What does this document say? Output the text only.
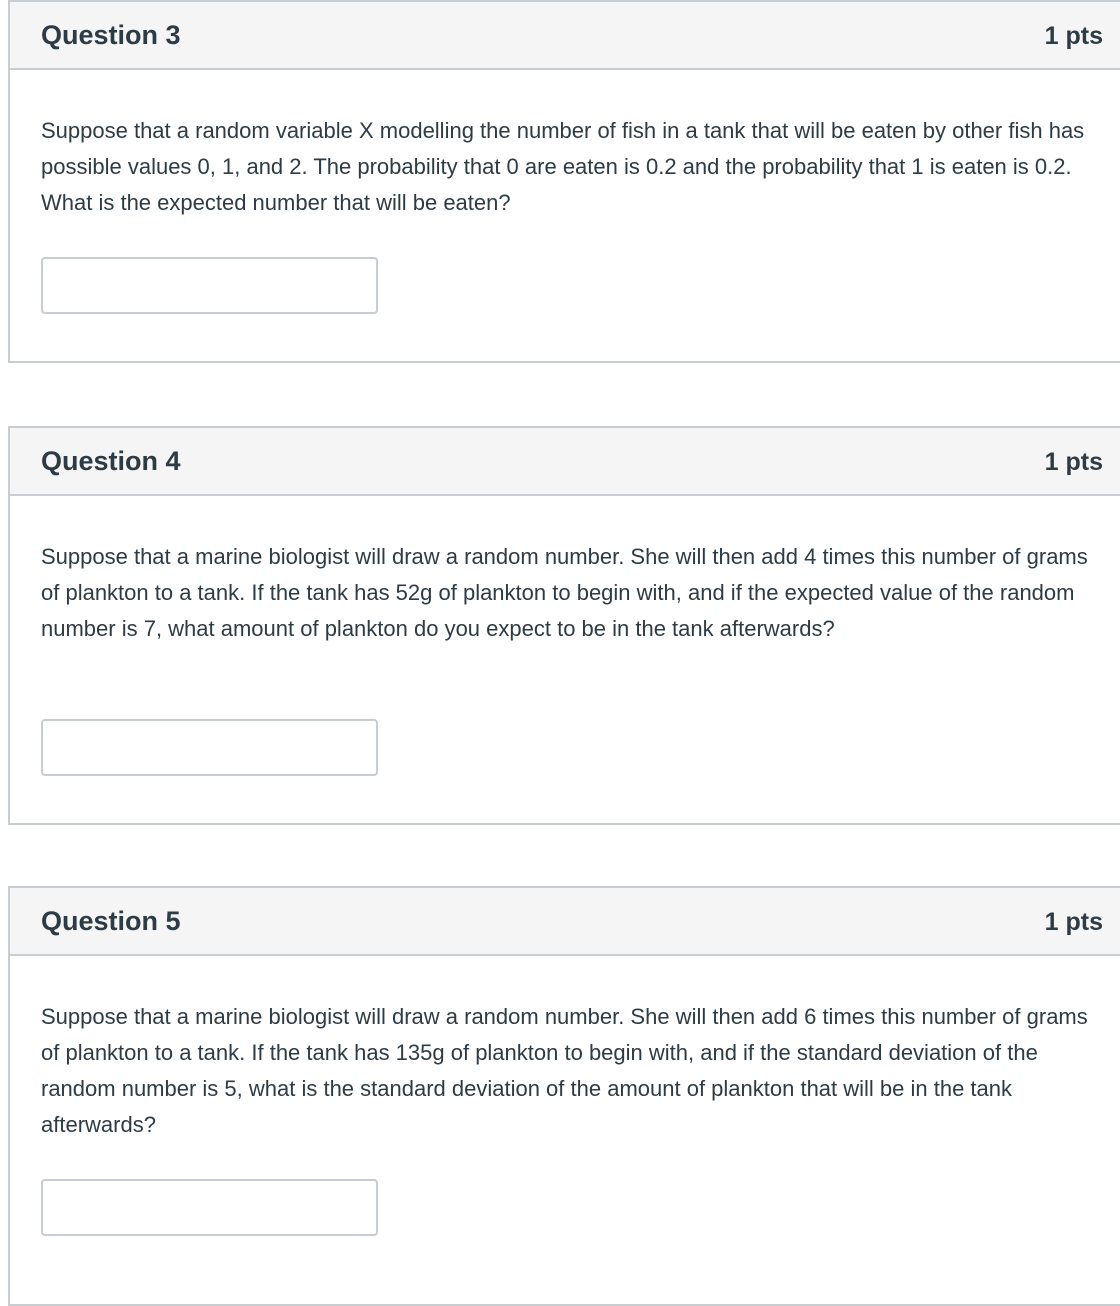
Question 3	1 pts

Suppose that a random variable X modelling the number of fish in a tank that will be eaten by other fish has possible values 0, 1, and 2. The probability that 0 are eaten is 0.2 and the probability that 1 is eaten is 0.2. What is the expected number that will be eaten?

Question 4	1 pts

Suppose that a marine biologist will draw a random number. She will then add 4 times this number of grams of plankton to a tank. If the tank has 52g of plankton to begin with, and if the expected value of the random number is 7, what amount of plankton do you expect to be in the tank afterwards?

Question 5	1 pts

Suppose that a marine biologist will draw a random number. She will then add 6 times this number of grams of plankton to a tank. If the tank has 135g of plankton to begin with, and if the standard deviation of the random number is 5, what is the standard deviation of the amount of plankton that will be in the tank afterwards?
